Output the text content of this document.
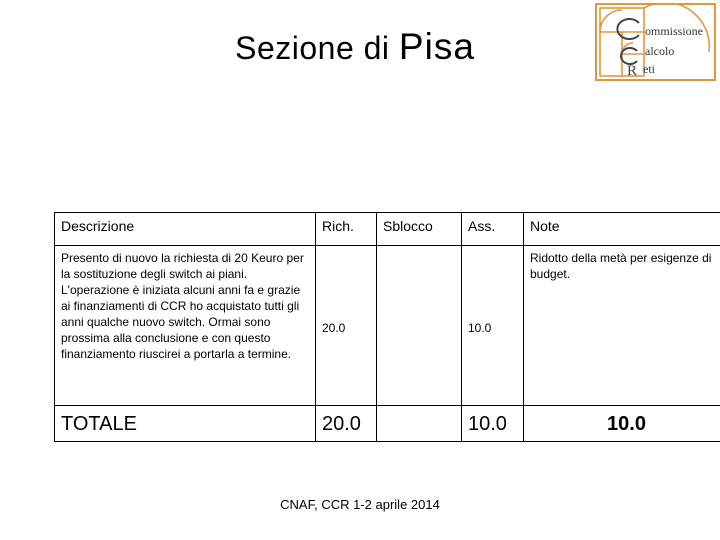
Sezione di Pisa
R
ommissione
alcolo
eti
Descrizione	Rich.	Sblocco	Ass.	Note
Presento di nuovo la richiesta di 20 Keuro per la sostituzione degli switch ai piani. L'operazione è iniziata alcuni anni fa e grazie ai finanziamenti di CCR ho acquistato tutti gli anni qualche nuovo switch. Ormai sono prossima alla conclusione e con questo finanziamento riuscirei a portarla a termine.	20.0		10.0	Ridotto della metà per esigenze di budget.
TOTALE	20.0		10.0	10.0
CNAF, CCR 1-2 aprile 2014
